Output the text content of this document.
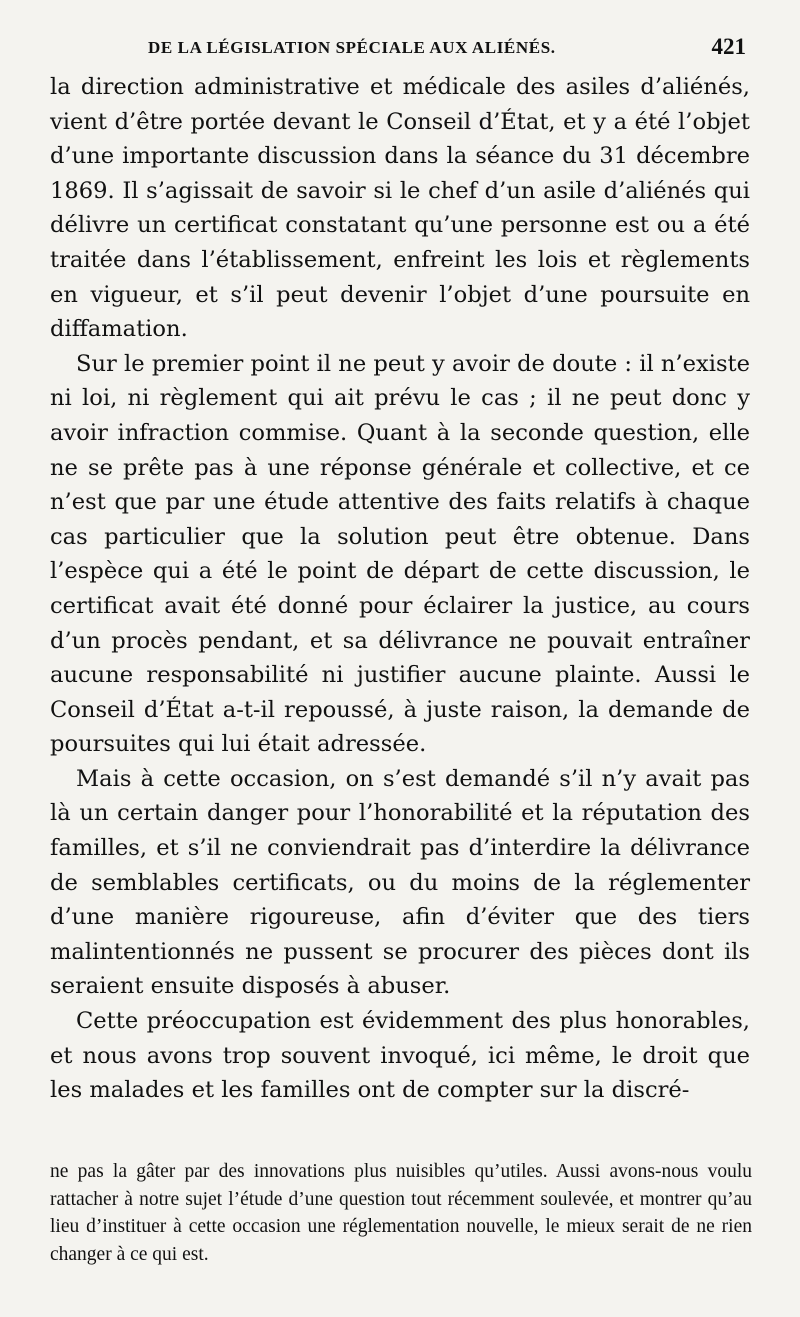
DE LA LÉGISLATION SPÉCIALE AUX ALIÉNÉS.	421

la direction administrative et médicale des asiles d’aliénés, vient d’être portée devant le Conseil d’État, et y a été l’objet d’une importante discussion dans la séance du 31 décembre 1869. Il s’agissait de savoir si le chef d’un asile d’aliénés qui délivre un certificat constatant qu’une personne est ou a été traitée dans l’établissement, enfreint les lois et règlements en vigueur, et s’il peut devenir l’objet d’une poursuite en diffamation.

Sur le premier point il ne peut y avoir de doute : il n’existe ni loi, ni règlement qui ait prévu le cas ; il ne peut donc y avoir infraction commise. Quant à la seconde question, elle ne se prête pas à une réponse générale et collective, et ce n’est que par une étude attentive des faits relatifs à chaque cas particulier que la solution peut être obtenue. Dans l’espèce qui a été le point de départ de cette discussion, le certificat avait été donné pour éclairer la justice, au cours d’un procès pendant, et sa délivrance ne pouvait entraîner aucune responsabilité ni justifier aucune plainte. Aussi le Conseil d’État a-t-il repoussé, à juste raison, la demande de poursuites qui lui était adressée.

Mais à cette occasion, on s’est demandé s’il n’y avait pas là un certain danger pour l’honorabilité et la réputation des familles, et s’il ne conviendrait pas d’interdire la délivrance de semblables certificats, ou du moins de la réglementer d’une manière rigoureuse, afin d’éviter que des tiers malintentionnés ne pussent se procurer des pièces dont ils seraient ensuite disposés à abuser.

Cette préoccupation est évidemment des plus honorables, et nous avons trop souvent invoqué, ici même, le droit que les malades et les familles ont de compter sur la discré-

ne pas la gâter par des innovations plus nuisibles qu’utiles. Aussi avons-nous voulu rattacher à notre sujet l’étude d’une question tout récemment soulevée, et montrer qu’au lieu d’instituer à cette occasion une réglementation nouvelle, le mieux serait de ne rien changer à ce qui est.
